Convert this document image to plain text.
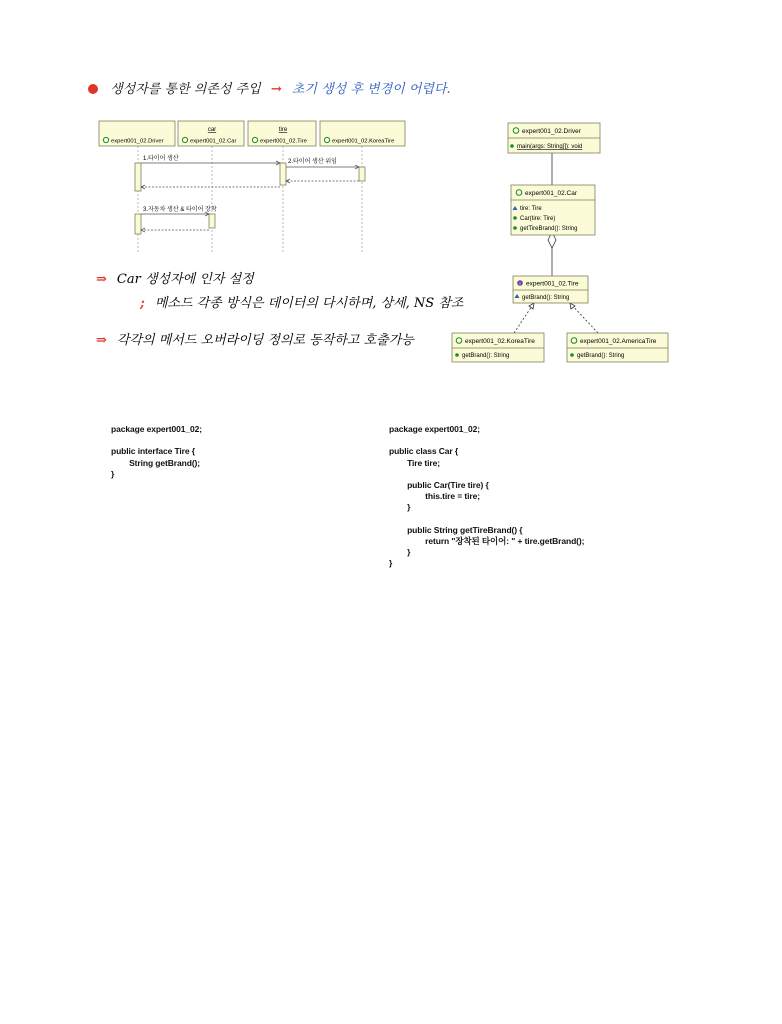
생성자를 통한 의존성 주입 → 초기 생성 후 변경이 어렵다.
expert001_02.Driver
car
expert001_02.Car
tire
expert001_02.Tire	expert001_02.KoreaTire
1.타이어 생산	2.타이어 생산 위임
3.자동차 생산 & 타이어 장착
expert001_02.Driver
main(args: String[]): void
expert001_02.Car
tire: Tire
Car(tire: Tire)
getTireBrand(): String
I expert001_02.Tire
getBrand(): String
expert001_02.KoreaTire
getBrand(): String
expert001_02.AmericaTire
getBrand(): String
⇒ Car 생성자에 인자 설정
; 메소드 각종 방식은 데이터의 다시하며, 상세, NS 참조
⇒ 각각의 메서드 오버라이딩 정의로 동작하고 호출가능
package expert001_02;

public interface Tire {
String getBrand();
}
package expert001_02;

public class Car {
Tire tire;

public Car(Tire tire) {
this.tire = tire;
}

public String getTireBrand() {
return "장착된 타이어: " + tire.getBrand();
}
}
